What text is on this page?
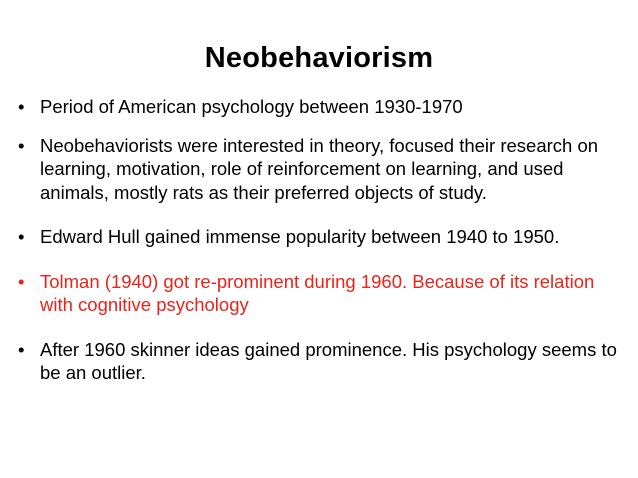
Neobehaviorism
• Period of American psychology between 1930-1970
• Neobehaviorists were interested in theory, focused their research on learning, motivation, role of reinforcement on learning, and used animals, mostly rats as their preferred objects of study.
• Edward Hull gained immense popularity between 1940 to 1950.
• Tolman (1940) got re-prominent during 1960. Because of its relation with cognitive psychology
• After 1960 skinner ideas gained prominence. His psychology seems to be an outlier.
